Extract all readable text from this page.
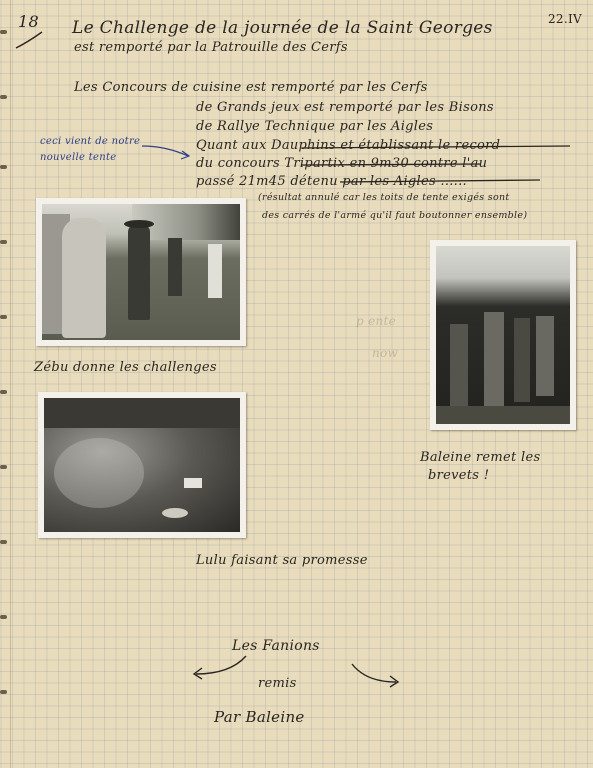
18	22.IV
Le Challenge de la journée de la Saint Georges
est remporté par la Patrouille des Cerfs
Les Concours de cuisine est remporté par les Cerfs
de Grands jeux est remporté par les Bisons
de Rallye Technique par les Aigles
Quant aux Dauphins et établissant le record
du concours Tripartix en 9m30 contre l'au
passé 21m45 détenu par les Aigles ......
ceci vient de notre
nouvelle tente
(résultat annulé car les toits de tente exigés sont
des carrés de l'armé qu'il faut boutonner ensemble)
p ente
now
Zébu donne les challenges
Lulu faisant sa promesse
Baleine remet les
brevets !
Les Fanions
remis
Par Baleine
